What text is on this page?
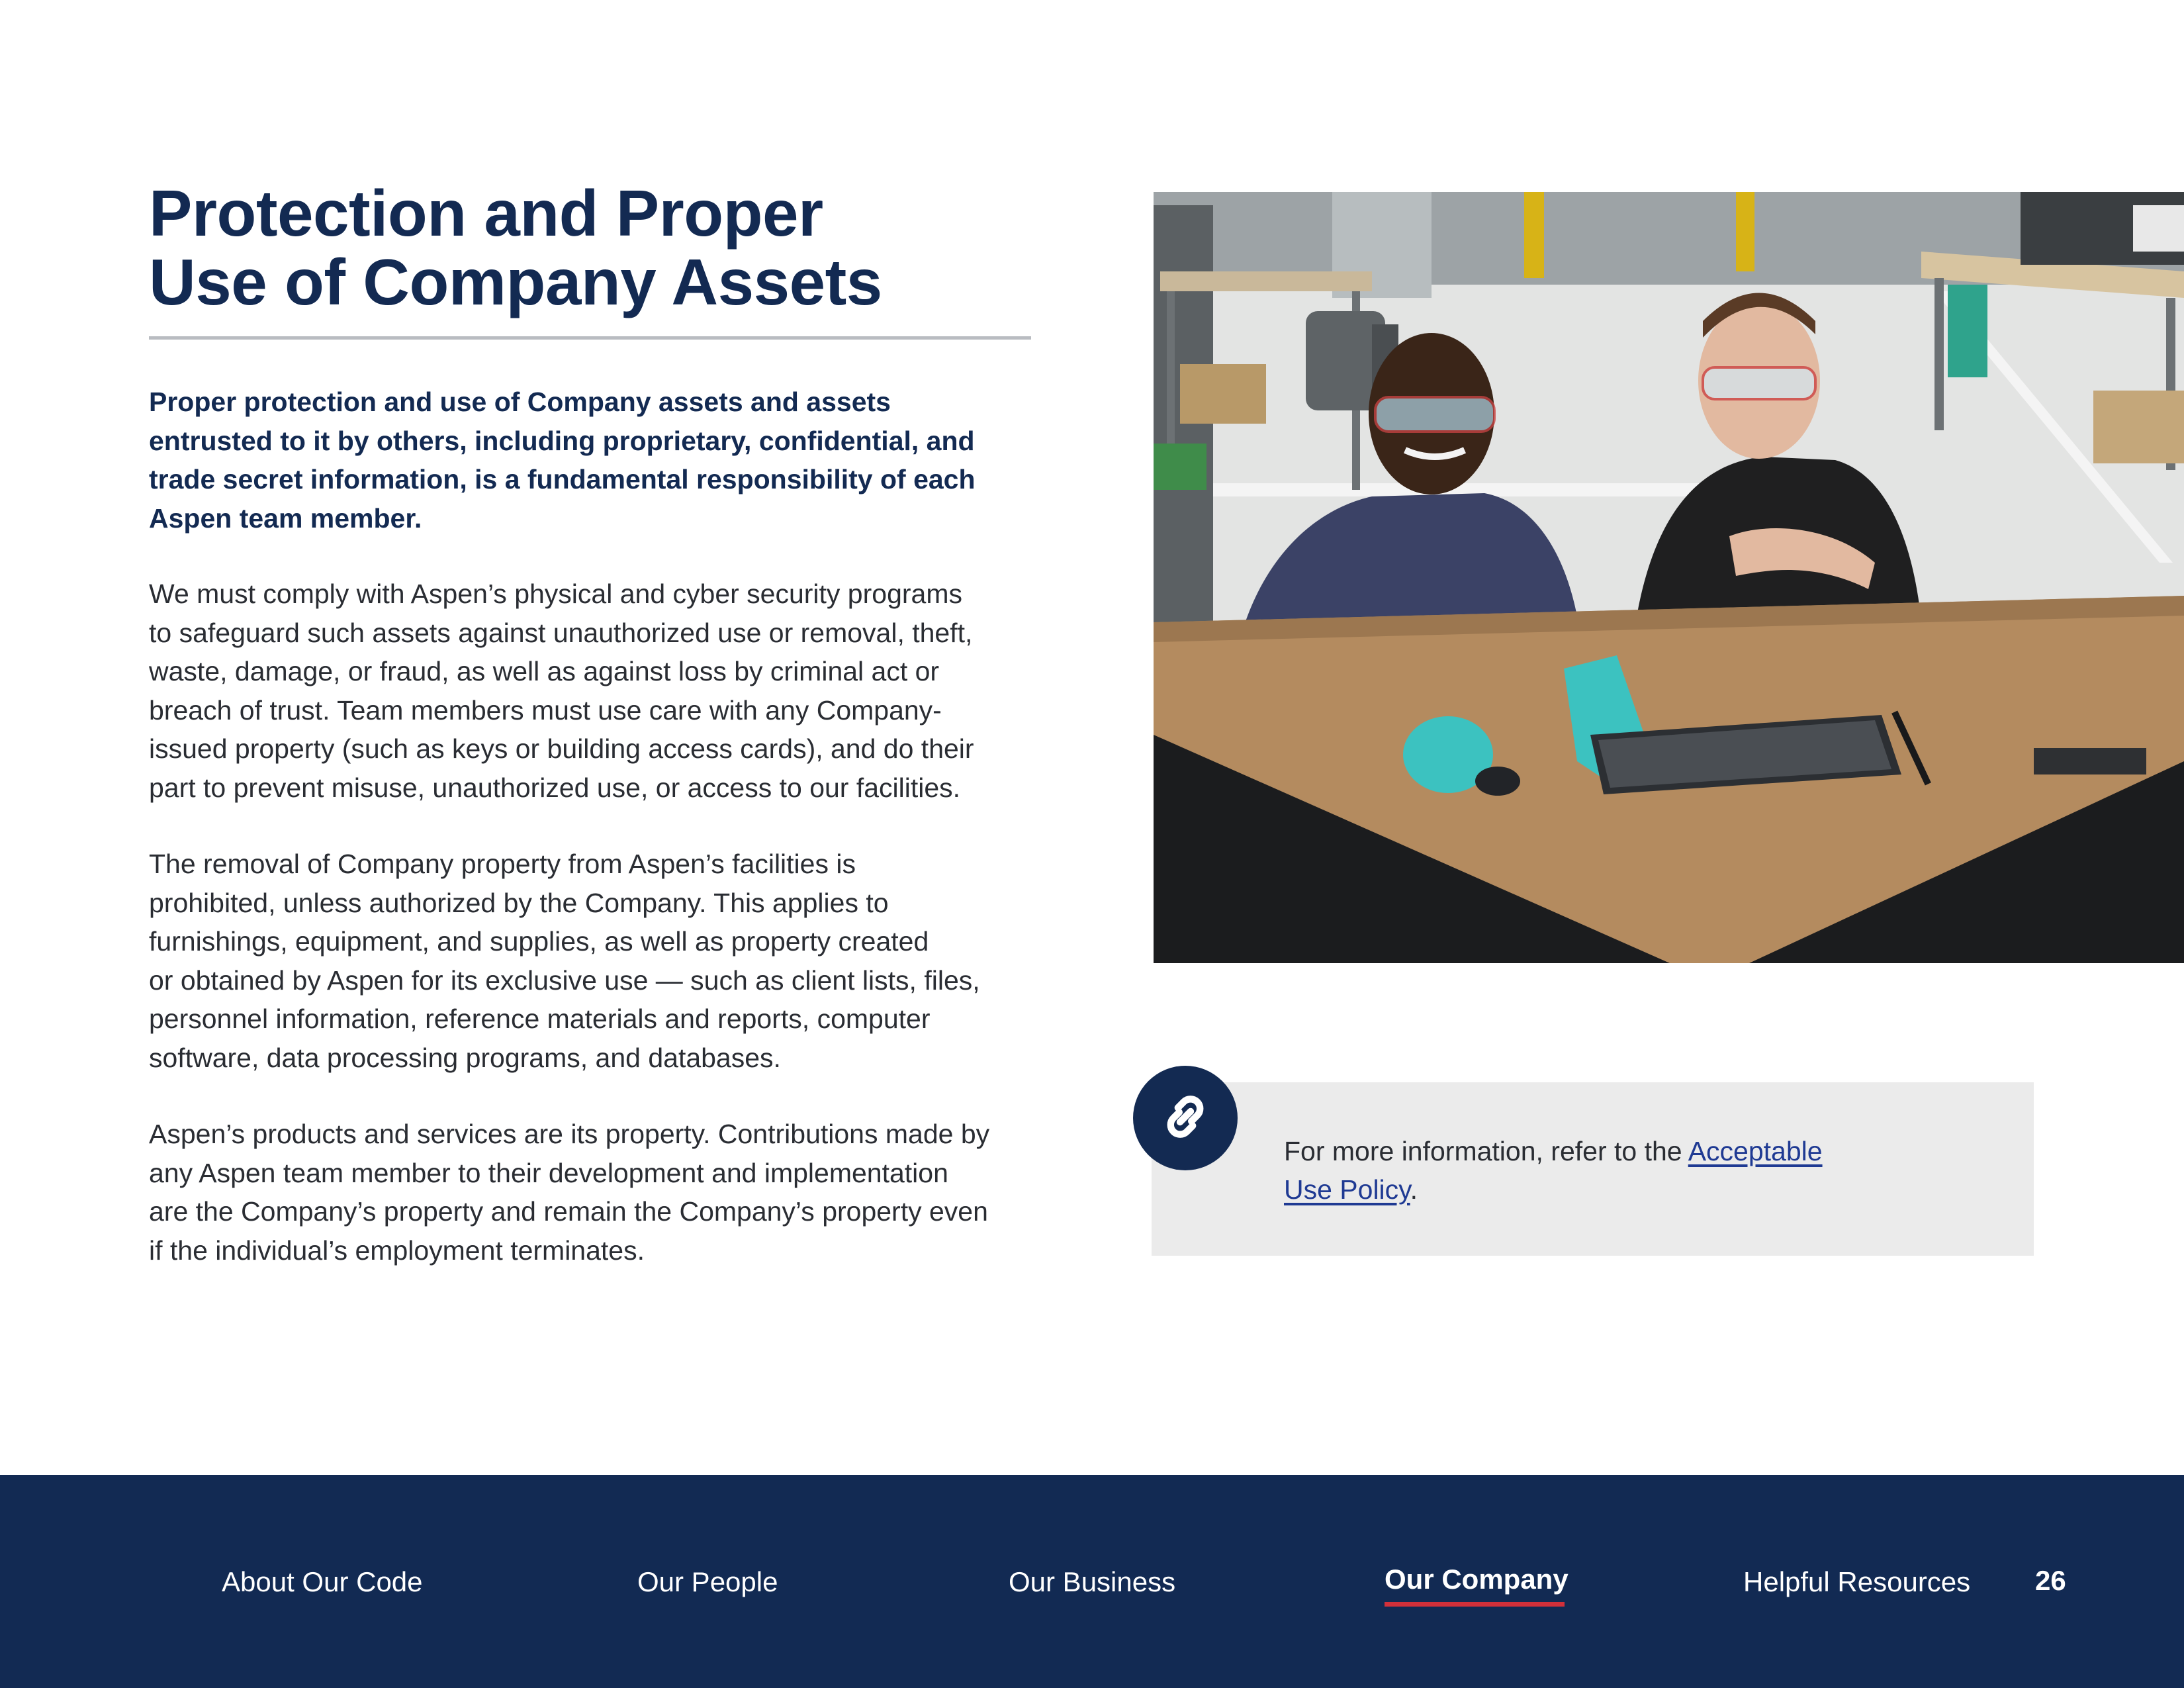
Protection and Proper
Use of Company Assets

Proper protection and use of Company assets and assets
entrusted to it by others, including proprietary, confidential, and
trade secret information, is a fundamental responsibility of each
Aspen team member.

We must comply with Aspen’s physical and cyber security programs
to safeguard such assets against unauthorized use or removal, theft,
waste, damage, or fraud, as well as against loss by criminal act or
breach of trust. Team members must use care with any Company-
issued property (such as keys or building access cards), and do their
part to prevent misuse, unauthorized use, or access to our facilities.

The removal of Company property from Aspen’s facilities is
prohibited, unless authorized by the Company. This applies to
furnishings, equipment, and supplies, as well as property created
or obtained by Aspen for its exclusive use — such as client lists, files,
personnel information, reference materials and reports, computer
software, data processing programs, and databases.

Aspen’s products and services are its property. Contributions made by
any Aspen team member to their development and implementation
are the Company’s property and remain the Company’s property even
if the individual’s employment terminates.

For more information, refer to the Acceptable
Use Policy.

About Our Code	Our People	Our Business	Our Company	Helpful Resources 26
